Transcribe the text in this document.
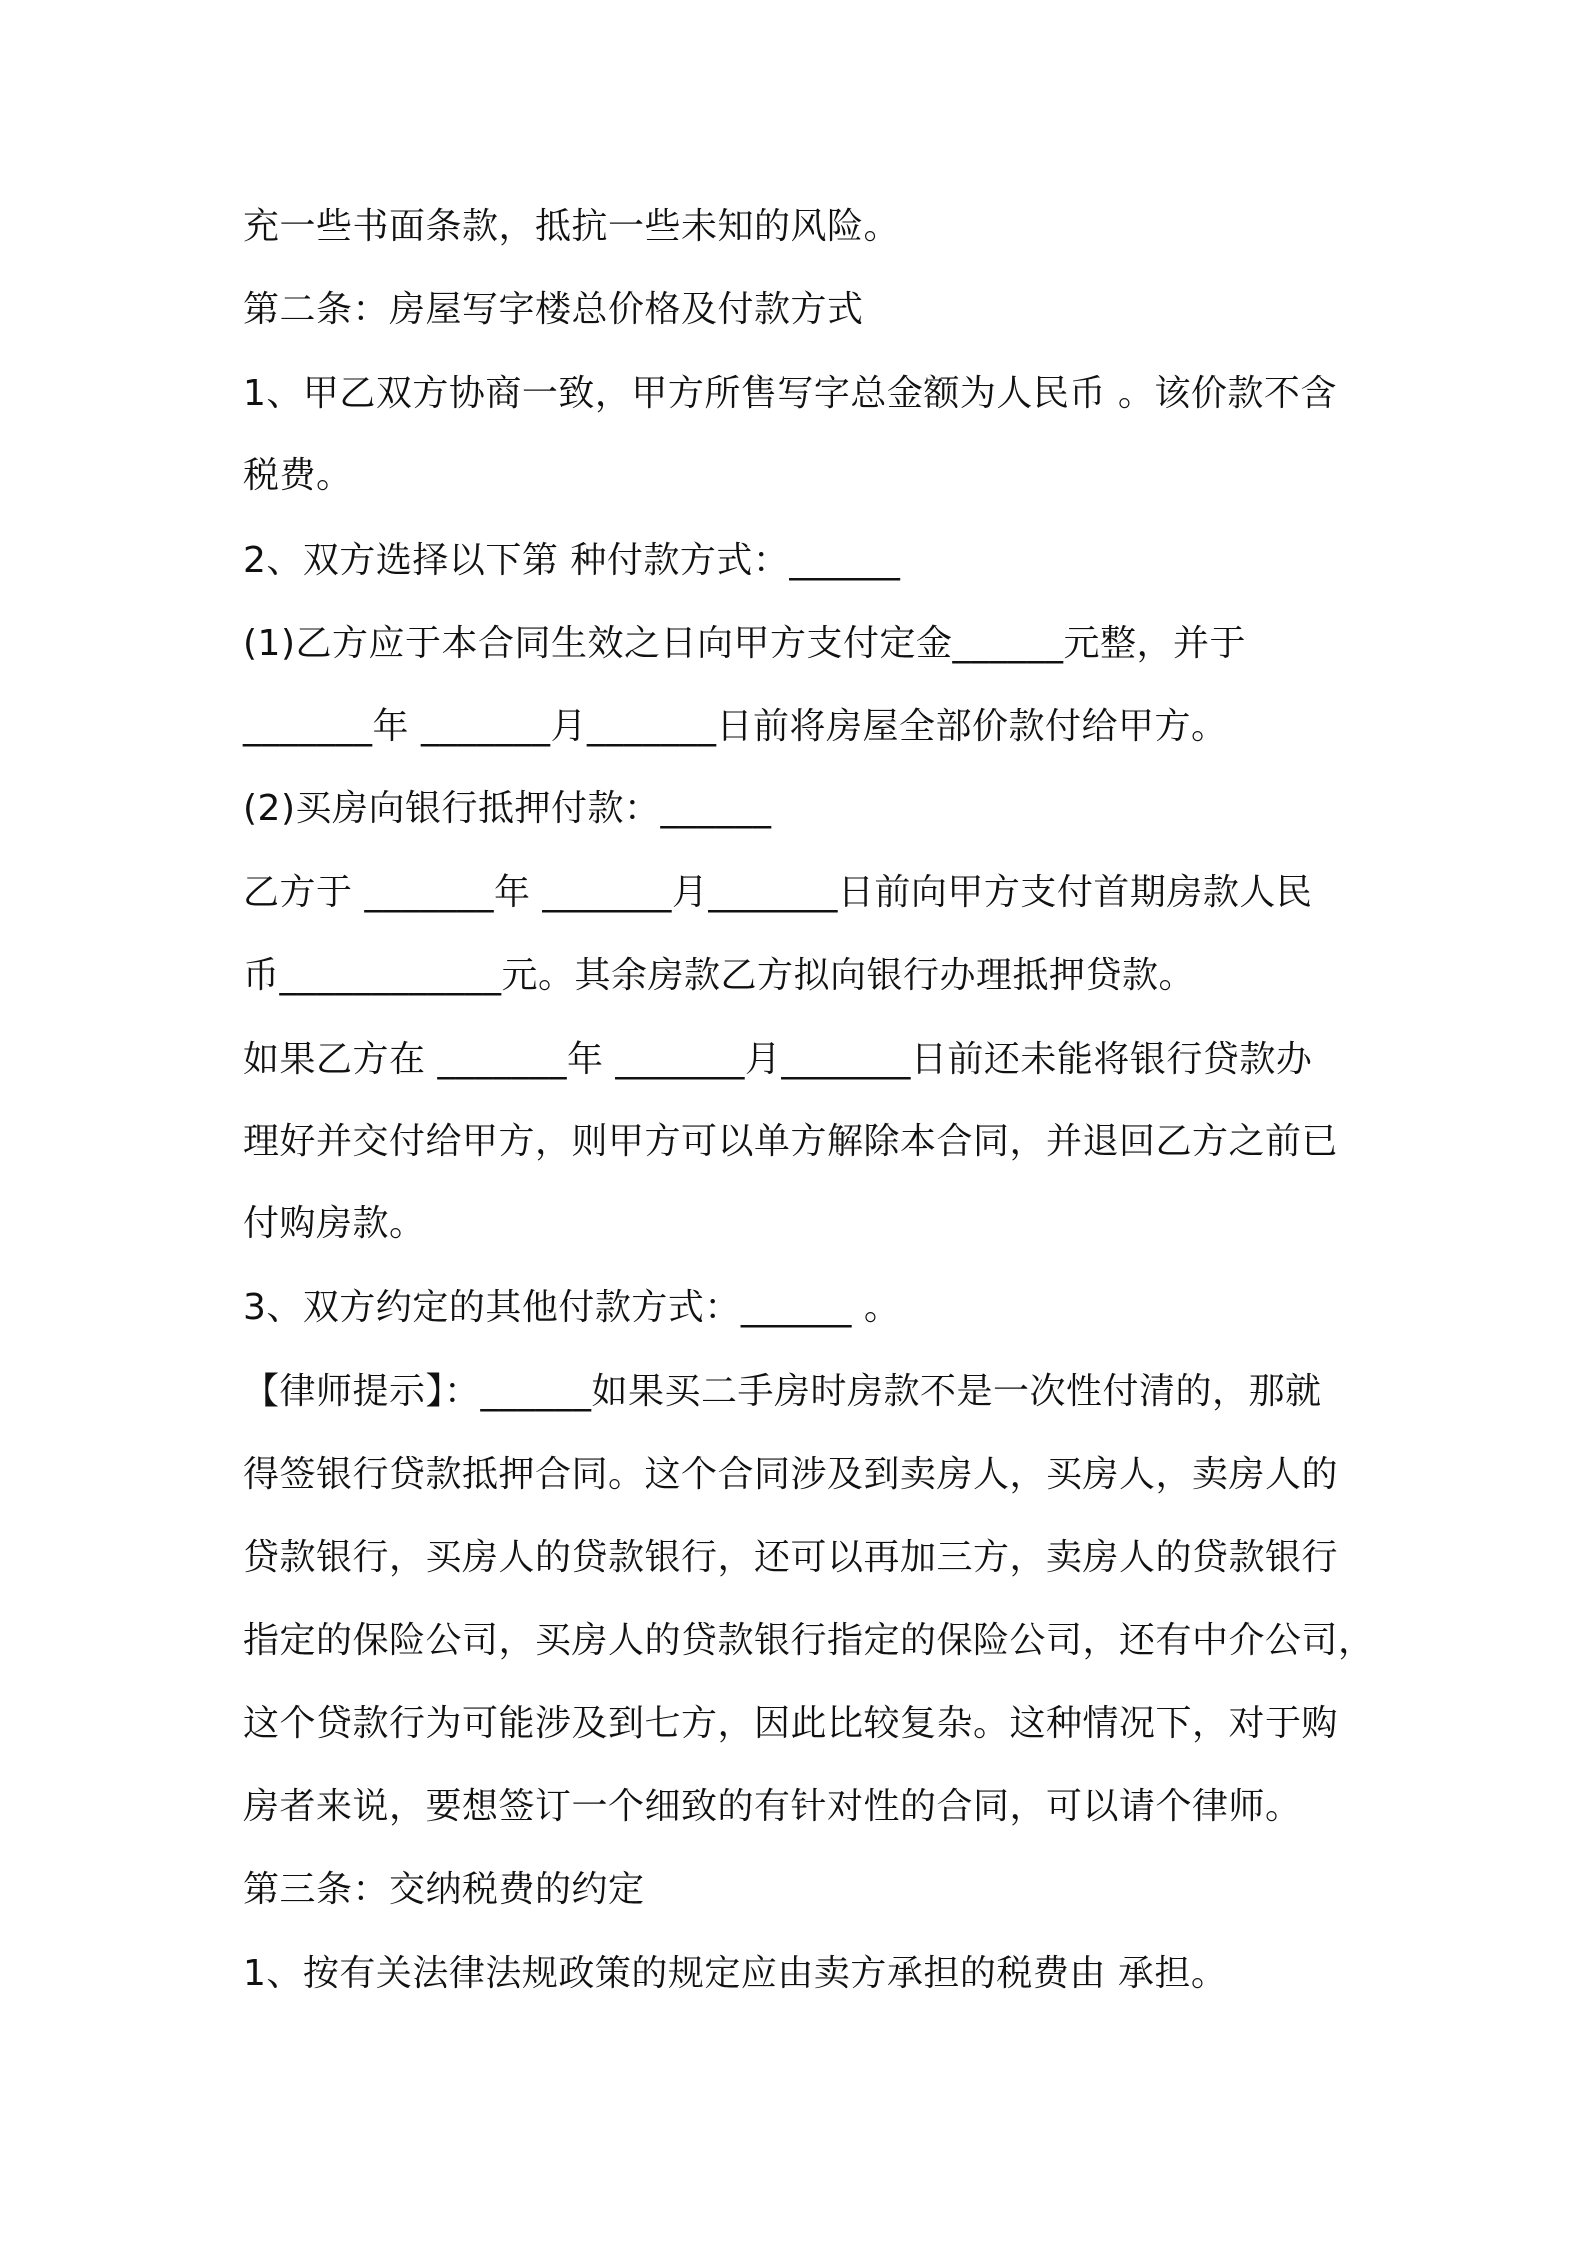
充一些书面条款，抵抗一些未知的风险。
第二条：房屋写字楼总价格及付款方式
1、甲乙双方协商一致，甲方所售写字总金额为人民币 。该价款不含
税费。
2、双方选择以下第 种付款方式：______
(1)乙方应于本合同生效之日向甲方支付定金______元整，并于
_______年 _______月_______日前将房屋全部价款付给甲方。
(2)买房向银行抵押付款：______
乙方于 _______年 _______月_______日前向甲方支付首期房款人民
币____________元。其余房款乙方拟向银行办理抵押贷款。
如果乙方在 _______年 _______月_______日前还未能将银行贷款办
理好并交付给甲方，则甲方可以单方解除本合同，并退回乙方之前已
付购房款。
3、双方约定的其他付款方式：______ 。
【律师提示】：______如果买二手房时房款不是一次性付清的，那就
得签银行贷款抵押合同。这个合同涉及到卖房人，买房人，卖房人的
贷款银行，买房人的贷款银行，还可以再加三方，卖房人的贷款银行
指定的保险公司，买房人的贷款银行指定的保险公司，还有中介公司，
这个贷款行为可能涉及到七方，因此比较复杂。这种情况下，对于购
房者来说，要想签订一个细致的有针对性的合同，可以请个律师。
第三条：交纳税费的约定
1、按有关法律法规政策的规定应由卖方承担的税费由 承担。
